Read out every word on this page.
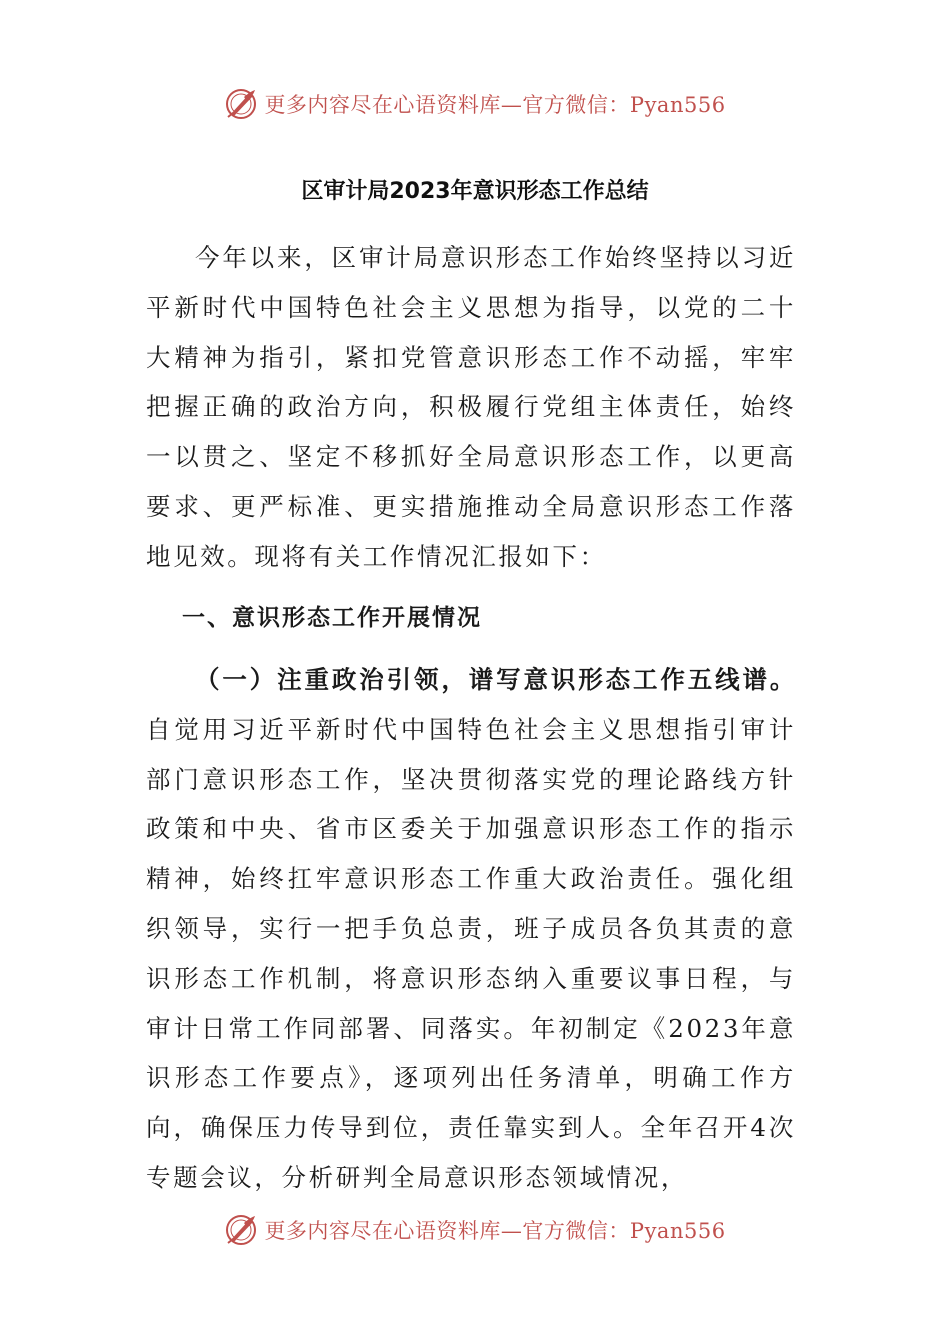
更多内容尽在心语资料库—官方微信：Pyan556
区审计局2023年意识形态工作总结

今年以来，区审计局意识形态工作始终坚持以习近平新时代中国特色社会主义思想为指导，以党的二十大精神为指引，紧扣党管意识形态工作不动摇，牢牢把握正确的政治方向，积极履行党组主体责任，始终一以贯之、坚定不移抓好全局意识形态工作，以更高要求、更严标准、更实措施推动全局意识形态工作落地见效。现将有关工作情况汇报如下：

一、意识形态工作开展情况

（一）注重政治引领，谱写意识形态工作五线谱。自觉用习近平新时代中国特色社会主义思想指引审计部门意识形态工作，坚决贯彻落实党的理论路线方针政策和中央、省市区委关于加强意识形态工作的指示精神，始终扛牢意识形态工作重大政治责任。强化组织领导，实行一把手负总责，班子成员各负其责的意识形态工作机制，将意识形态纳入重要议事日程，与审计日常工作同部署、同落实。年初制定《2023年意识形态工作要点》，逐项列出任务清单，明确工作方向，确保压力传导到位，责任靠实到人。全年召开4次专题会议，分析研判全局意识形态领域情况，

更多内容尽在心语资料库—官方微信：Pyan556
